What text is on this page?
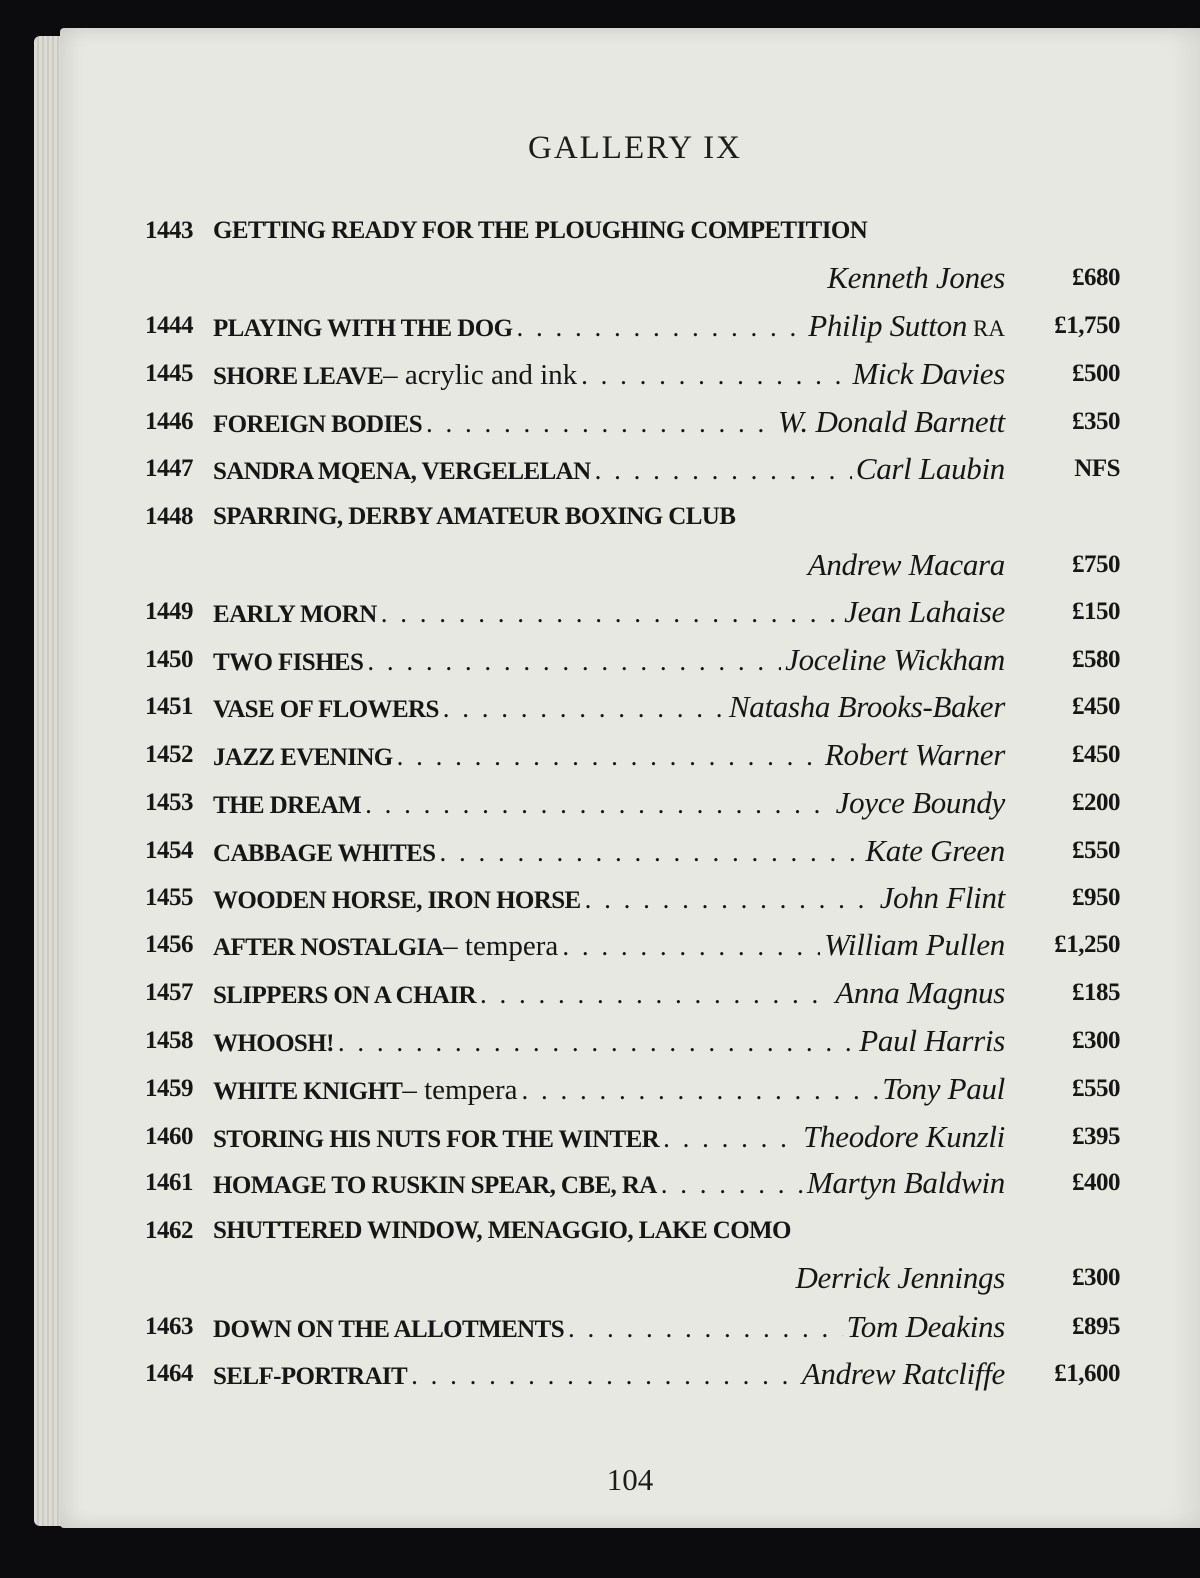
GALLERY IX
1443 GETTING READY FOR THE PLOUGHING COMPETITION
Kenneth Jones	£680
1444 PLAYING WITH THE DOG . . .	Philip Sutton RA £1,750
1445 SHORE LEAVE – acrylic and ink . . .	Mick Davies	£500
1446 FOREIGN BODIES . . .	W. Donald Barnett	£350
1447 SANDRA MQENA, VERGELELAN . . .	Carl Laubin	NFS
1448 SPARRING, DERBY AMATEUR BOXING CLUB
Andrew Macara	£750
1449 EARLY MORN . . .	Jean Lahaise	£150
1450 TWO FISHES . . .	Joceline Wickham	£580
1451 VASE OF FLOWERS . . .	Natasha Brooks-Baker	£450
1452 JAZZ EVENING . . .	Robert Warner	£450
1453 THE DREAM . . .	Joyce Boundy	£200
1454 CABBAGE WHITES . . .	Kate Green	£550
1455 WOODEN HORSE, IRON HORSE . . .	John Flint	£950
1456 AFTER NOSTALGIA – tempera . . .	William Pullen £1,250
1457 SLIPPERS ON A CHAIR . . .	Anna Magnus	£185
1458 WHOOSH! . . .	Paul Harris	£300
1459 WHITE KNIGHT – tempera . . .	Tony Paul	£550
1460 STORING HIS NUTS FOR THE WINTER . . .	Theodore Kunzli	£395
1461 HOMAGE TO RUSKIN SPEAR, CBE, RA . . .	Martyn Baldwin	£400
1462 SHUTTERED WINDOW, MENAGGIO, LAKE COMO
Derrick Jennings	£300
1463 DOWN ON THE ALLOTMENTS . . .	Tom Deakins	£895
1464 SELF-PORTRAIT . . .	Andrew Ratcliffe £1,600
104
